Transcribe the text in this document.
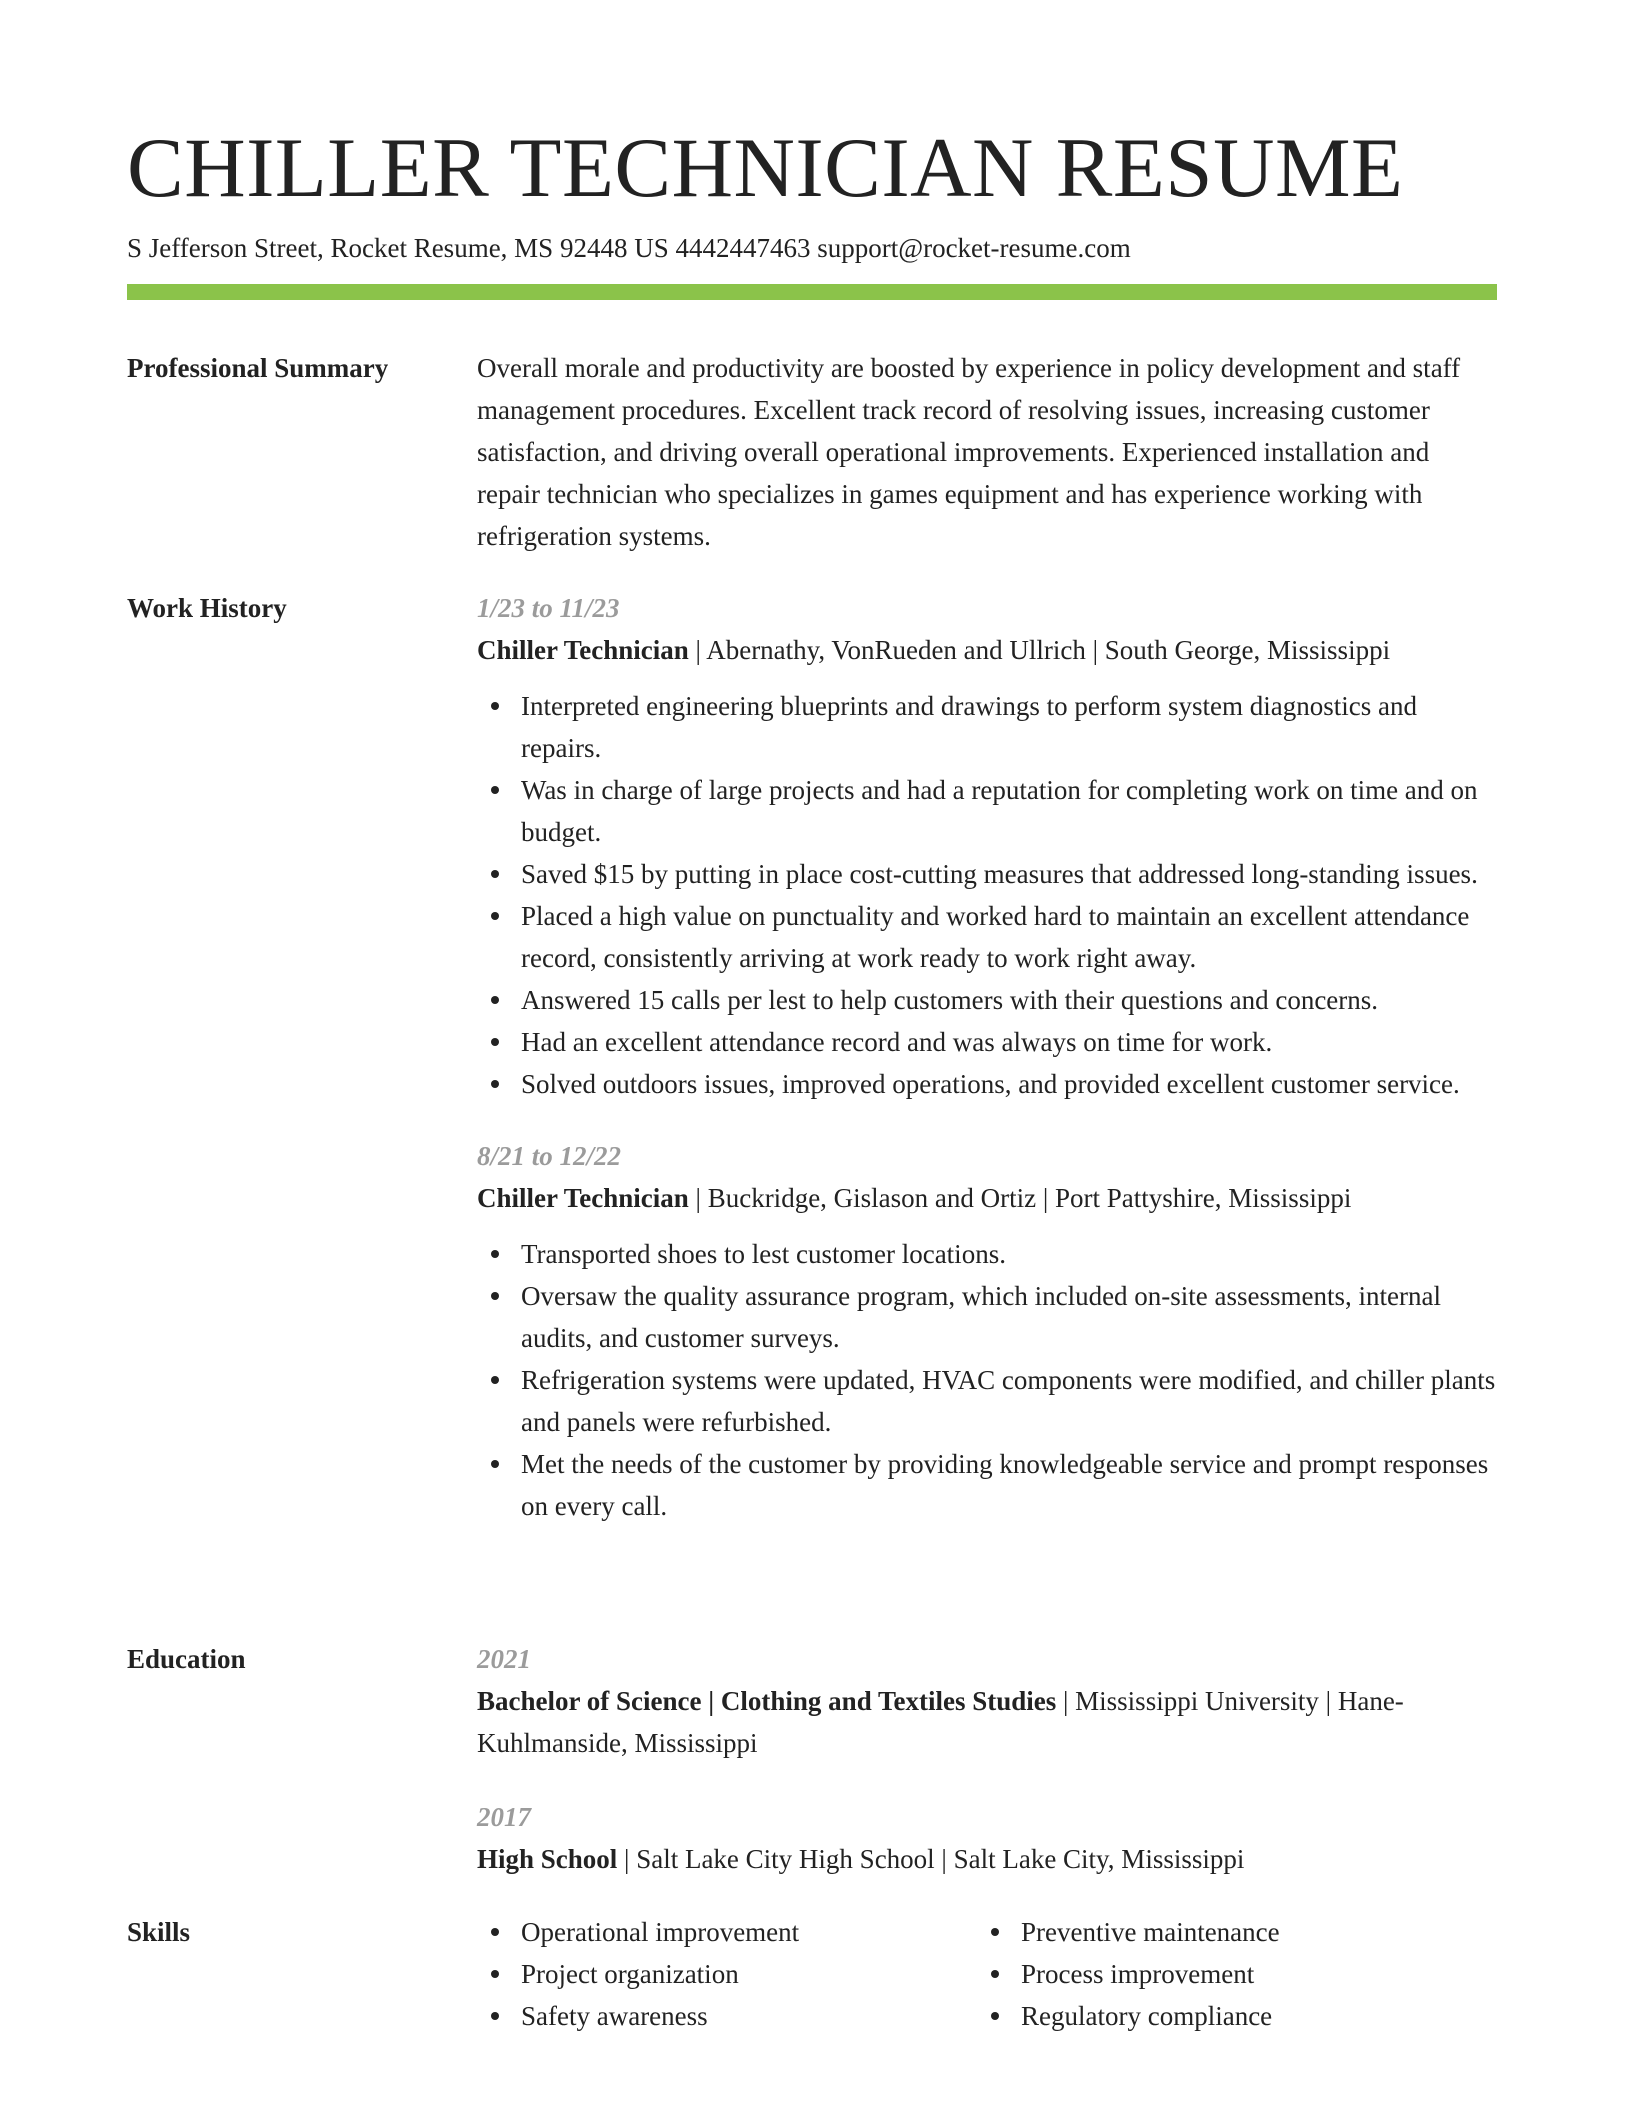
CHILLER TECHNICIAN RESUME
S Jefferson Street, Rocket Resume, MS 92448 US 4442447463 support@rocket-resume.com
Professional Summary	Overall morale and productivity are boosted by experience in policy development and staff management procedures. Excellent track record of resolving issues, increasing customer satisfaction, and driving overall operational improvements. Experienced installation and repair technician who specializes in games equipment and has experience working with refrigeration systems.
Work History	1/23 to 11/23
Chiller Technician | Abernathy, VonRueden and Ullrich | South George, Mississippi
Interpreted engineering blueprints and drawings to perform system diagnostics and repairs.
Was in charge of large projects and had a reputation for completing work on time and on budget.
Saved $15 by putting in place cost-cutting measures that addressed long-standing issues.
Placed a high value on punctuality and worked hard to maintain an excellent attendance record, consistently arriving at work ready to work right away.
Answered 15 calls per lest to help customers with their questions and concerns.
Had an excellent attendance record and was always on time for work.
Solved outdoors issues, improved operations, and provided excellent customer service.
8/21 to 12/22
Chiller Technician | Buckridge, Gislason and Ortiz | Port Pattyshire, Mississippi
Transported shoes to lest customer locations.
Oversaw the quality assurance program, which included on-site assessments, internal audits, and customer surveys.
Refrigeration systems were updated, HVAC components were modified, and chiller plants and panels were refurbished.
Met the needs of the customer by providing knowledgeable service and prompt responses on every call.
Education	2021
Bachelor of Science | Clothing and Textiles Studies | Mississippi University | Hane-Kuhlmanside, Mississippi
2017
High School | Salt Lake City High School | Salt Lake City, Mississippi
Skills	Operational improvement
Project organization
Safety awareness
Preventive maintenance
Process improvement
Regulatory compliance
